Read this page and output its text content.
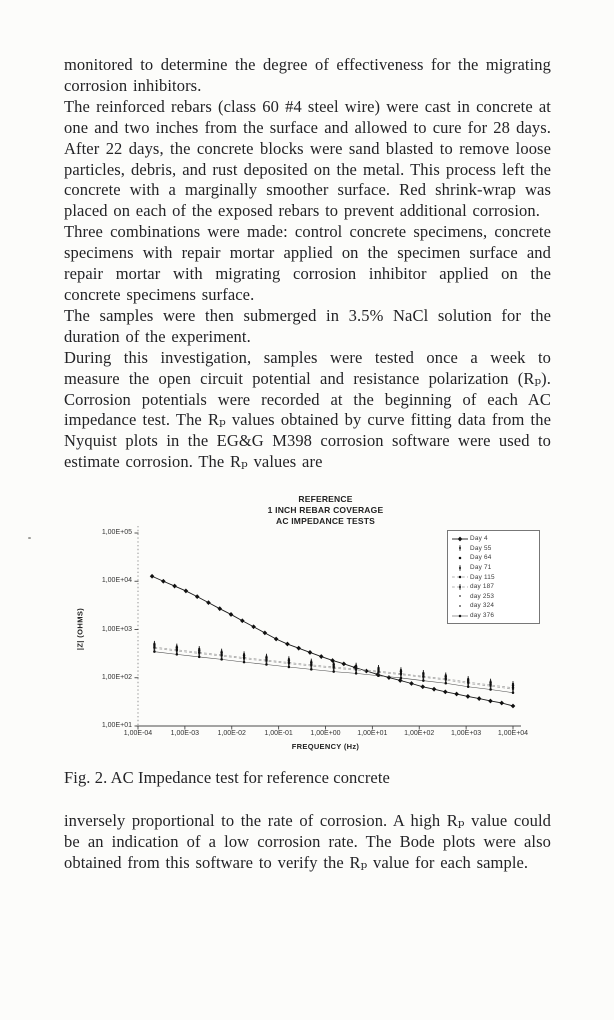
monitored to determine the degree of effectiveness for the migrating corrosion inhibitors.

The reinforced rebars (class 60 #4 steel wire) were cast in concrete at one and two inches from the surface and allowed to cure for 28 days. After 22 days, the concrete blocks were sand blasted to remove loose particles, debris, and rust deposited on the metal. This process left the concrete with a marginally smoother surface. Red shrink-wrap was placed on each of the exposed rebars to prevent additional corrosion.

Three combinations were made: control concrete specimens, concrete specimens with repair mortar applied on the specimen surface and repair mortar with migrating corrosion inhibitor applied on the concrete specimens surface.

The samples were then submerged in 3.5% NaCl solution for the duration of the experiment.

During this investigation, samples were tested once a week to measure the open circuit potential and resistance polarization (Rₚ). Corrosion potentials were recorded at the beginning of each AC impedance test. The Rₚ values obtained by curve fitting data from the Nyquist plots in the EG&G M398 corrosion software were used to estimate corrosion. The Rₚ values are

REFERENCE
1 INCH REBAR COVERAGE
AC IMPEDANCE TESTS
|Z| (OHMS)
FREQUENCY (Hz)
1,00E+05
1,00E+04
1,00E+03
1,00E+02
1,00E+01
1,00E-04	1,00E-03	1,00E-02	1,00E-01	1,00E+00	1,00E+01	1,00E+02	1,00E+03	1,00E+04
Day 4
Day 55
Day 64
Day 71
Day 115
day 187
day 253
day 324
day 376

Fig. 2. AC Impedance test for reference concrete

inversely proportional to the rate of corrosion. A high Rₚ value could be an indication of a low corrosion rate. The Bode plots were also obtained from this software to verify the Rₚ value for each sample.
